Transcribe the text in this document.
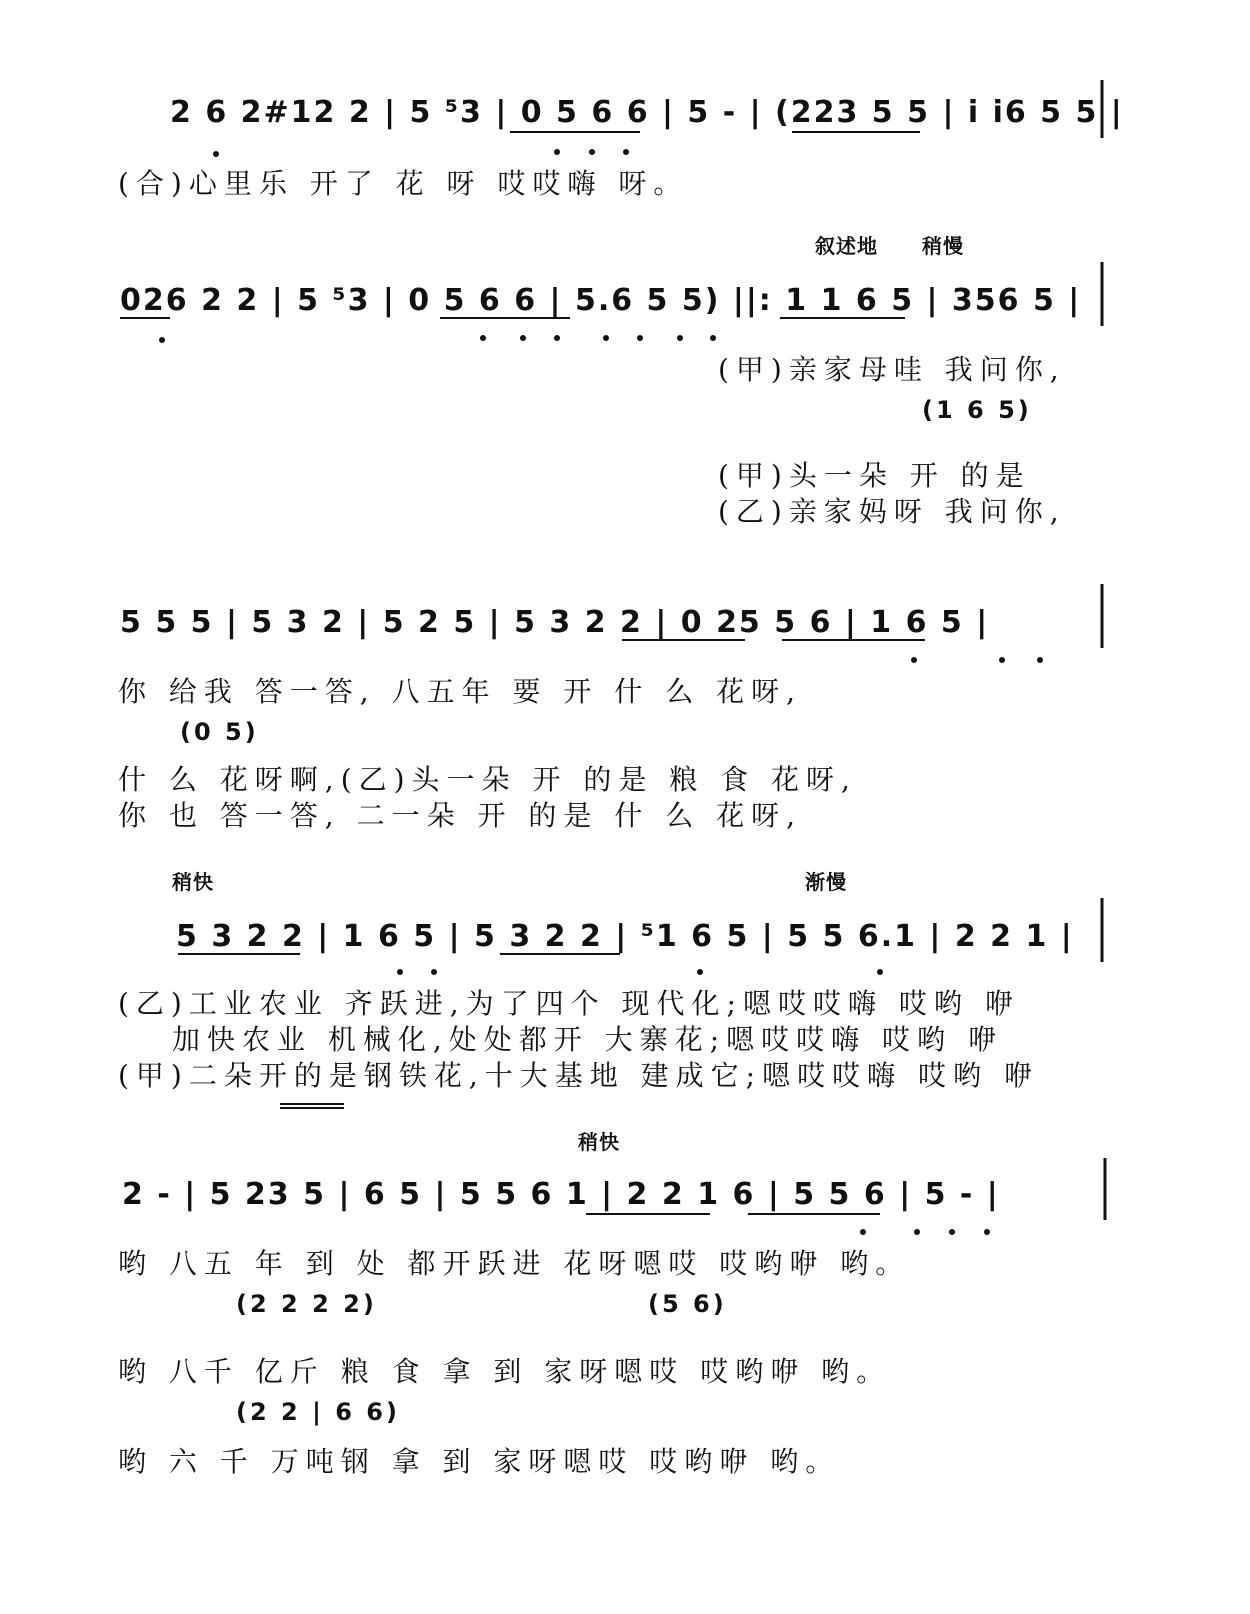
2 6 2#12 2 | 5 ⁵3 | 0 5 6 6 | 5 - | (223 5 5 | i i6 5 5 |
(合)心里乐 开了 花 呀 哎哎嗨 呀。
叙述地 稍慢
026 2 2 | 5 ⁵3 | 0 5 6 6 | 5.6 5 5) ||: 1 1 6 5 | 356 5 |
(甲)亲家母哇 我问你,
(1 6 5)
(甲)头一朵 开 的是
(乙)亲家妈呀 我问你,
5 5 5 | 5 3 2 | 5 2 5 | 5 3 2 2 | 0 25 5 6 | 1 6 5 |
你 给我 答一答, 八五年 要 开 什 么 花呀,
(0 5)
什 么 花呀啊,(乙)头一朵 开 的是 粮 食 花呀,
你 也 答一答, 二一朵 开 的是 什 么 花呀,
稍快	渐慢
5 3 2 2 | 1 6 5 | 5 3 2 2 | ⁵1 6 5 | 5 5 6.1 | 2 2 1 |
(乙)工业农业 齐跃进,为了四个 现代化;嗯哎哎嗨 哎哟 咿
加快农业 机械化,处处都开 大寨花;嗯哎哎嗨 哎哟 咿
(甲)二朵开的是钢铁花,十大基地 建成它;嗯哎哎嗨 哎哟 咿
稍快
2 - | 5 23 5 | 6 5 | 5 5 6 1 | 2 2 1 6 | 5 5 6 | 5 - |
哟 八五 年 到 处 都开跃进 花呀嗯哎 哎哟咿 哟。
(2 2 2 2)	(5 6)
哟 八千 亿斤 粮 食 拿 到 家呀嗯哎 哎哟咿 哟。
(2 2 | 6 6)
哟 六 千 万吨钢 拿 到 家呀嗯哎 哎哟咿 哟。
